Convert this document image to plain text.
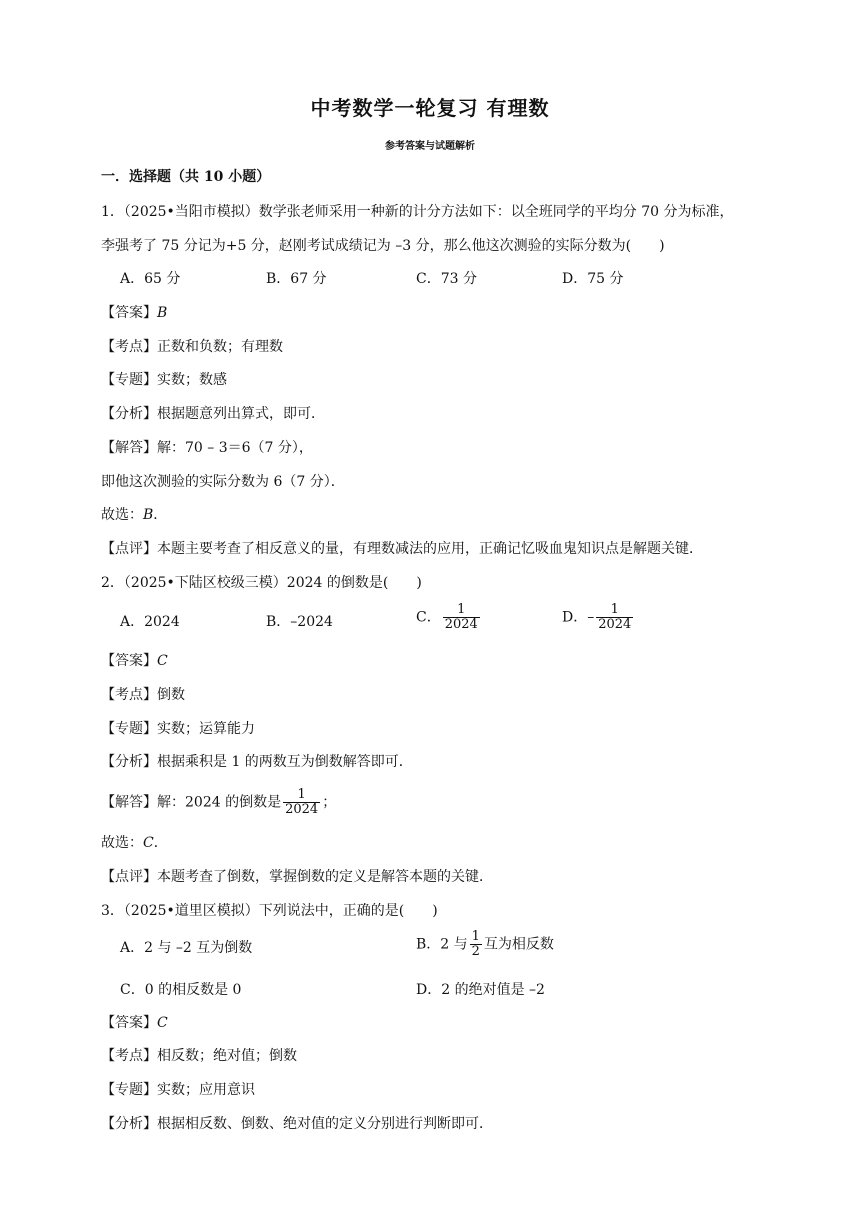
中考数学一轮复习 有理数
参考答案与试题解析
一．选择题（共 10 小题）
1．（2025•当阳市模拟）数学张老师采用一种新的计分方法如下：以全班同学的平均分 70 分为标准，
李强考了 75 分记为+5 分，赵刚考试成绩记为 –3 分，那么他这次测验的实际分数为(　　)
A．65 分	B．67 分	C．73 分	D．75 分
【答案】B
【考点】正数和负数；有理数
【专题】实数；数感
【分析】根据题意列出算式，即可．
【解答】解：70 – 3＝6（7 分），
即他这次测验的实际分数为 6（7 分）．
故选：B．
【点评】本题主要考查了相反意义的量，有理数减法的应用，正确记忆吸血鬼知识点是解题关键．
2．（2025•下陆区校级三模）2024 的倒数是(　　)
A．2024	B．–2024	C． $\frac{1}{2024}$	D．– $\frac{1}{2024}$
【答案】C
【考点】倒数
【专题】实数；运算能力
【分析】根据乘积是 1 的两数互为倒数解答即可．
【解答】解：2024 的倒数是 $\frac{1}{2024}$ ；
故选：C．
【点评】本题考查了倒数，掌握倒数的定义是解答本题的关键．
3．（2025•道里区模拟）下列说法中，正确的是(　　)
A．2 与 –2 互为倒数	B．2 与 $\frac{1}{2}$ 互为相反数
C．0 的相反数是 0	D．2 的绝对值是 –2
【答案】C
【考点】相反数；绝对值；倒数
【专题】实数；应用意识
【分析】根据相反数、倒数、绝对值的定义分别进行判断即可．
